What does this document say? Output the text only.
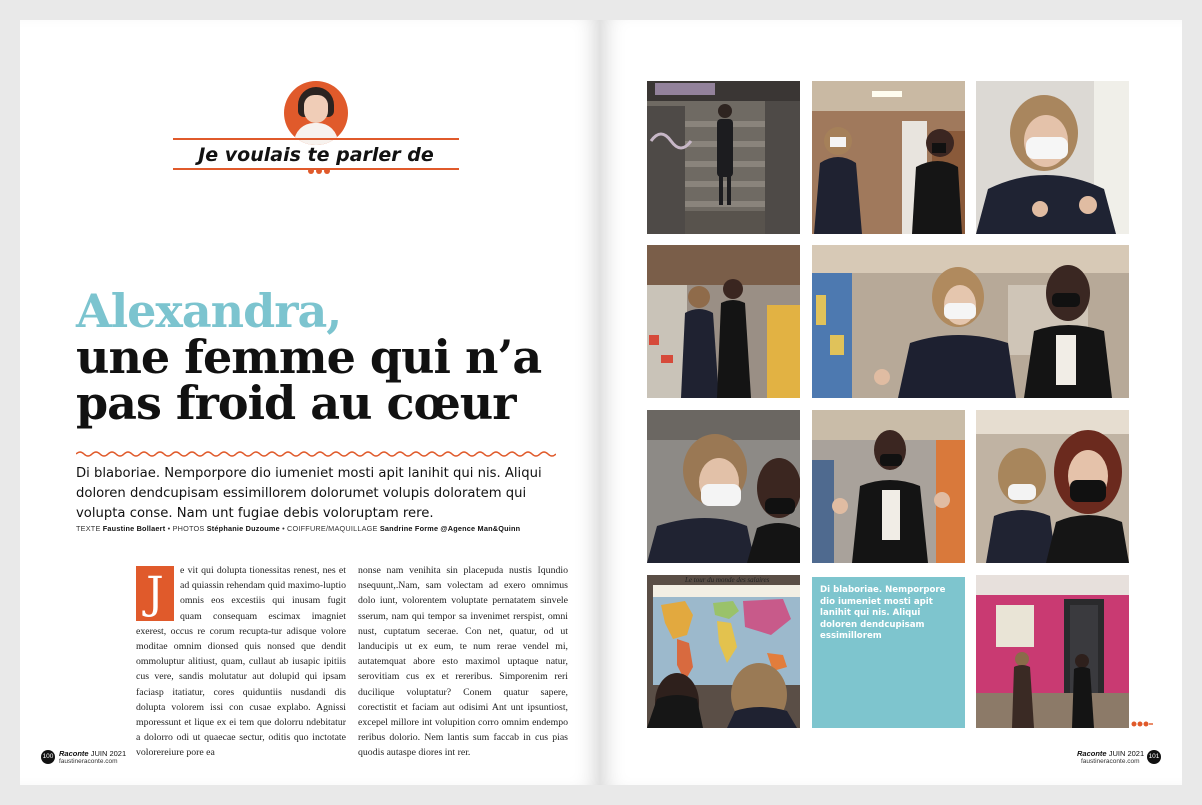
Je voulais te parler de
Alexandra,
une femme qui n’a
pas froid au cœur
Di blaboriae. Nemporpore dio iumeniet mosti apit lanihit qui nis. Aliqui doloren dendcupisam essimillorem dolorumet volupis doloratem qui volupta conse. Nam unt fugiae debis voloruptam rere.
TEXTE Faustine Bollaert • PHOTOS Stéphanie Duzoume • COIFFURE/MAQUILLAGE Sandrine Forme @Agence Man&Quinn
J	e vit qui dolupta tionessitas renest, nes et ad quiassin rehendam quid maximo-luptio omnis eos excestiis qui inusam fugit quam consequam escimax imagniet exerest, occus re corum recupta-tur adisque volore moditae omnim dionsed quis nonsed que dendit ommoluptur alitiust, quam, cullaut ab iusapic ipitiis cus vere, sandis molutatur aut dolupid qui ipsam faciasp itatiatur, cores quiduntiis nusdandi dis dolupta volorem issi con cusae explabo. Agnissi mporessunt et lique ex ei tem que dolorru ndebitatur a dolorro odi ut quaecae sectur, oditis quo inctotate volorereiure pore ea
nonse nam venihita sin placepuda nustis Iqundio nsequunt,.Nam, sam volectam ad exero omnimus dolo iunt, volorentem voluptate pernatatem sinvele sserum, nam qui tempor sa invenimet rerspist, omni nust, cuptatum secerae. Con net, quatur, od ut landucipis ut ex eum, te num rerae vendel mi, autatemquat abore esto maximol uptaque natur, serovitiam cus ex et rereribus. Simporenim reri ducilique voluptatur? Conem quatur sapere, corectistit et faciam aut odisimi Ant unt ipsuntiost, excepel millore int volupition corro omnim endempo reribus dolorio. Nem lantis sum faccab in cus pias quodis autaspe diores int rer.
100 Raconte JUIN 2021
faustineraconte.com
Le tour du monde des salaires

Di blaboriae. Nemporpore dio iumeniet mosti apit lanihit qui nis. Aliqui doloren dendcupisam essimillorem

Raconte JUIN 2021
faustineraconte.com
101
